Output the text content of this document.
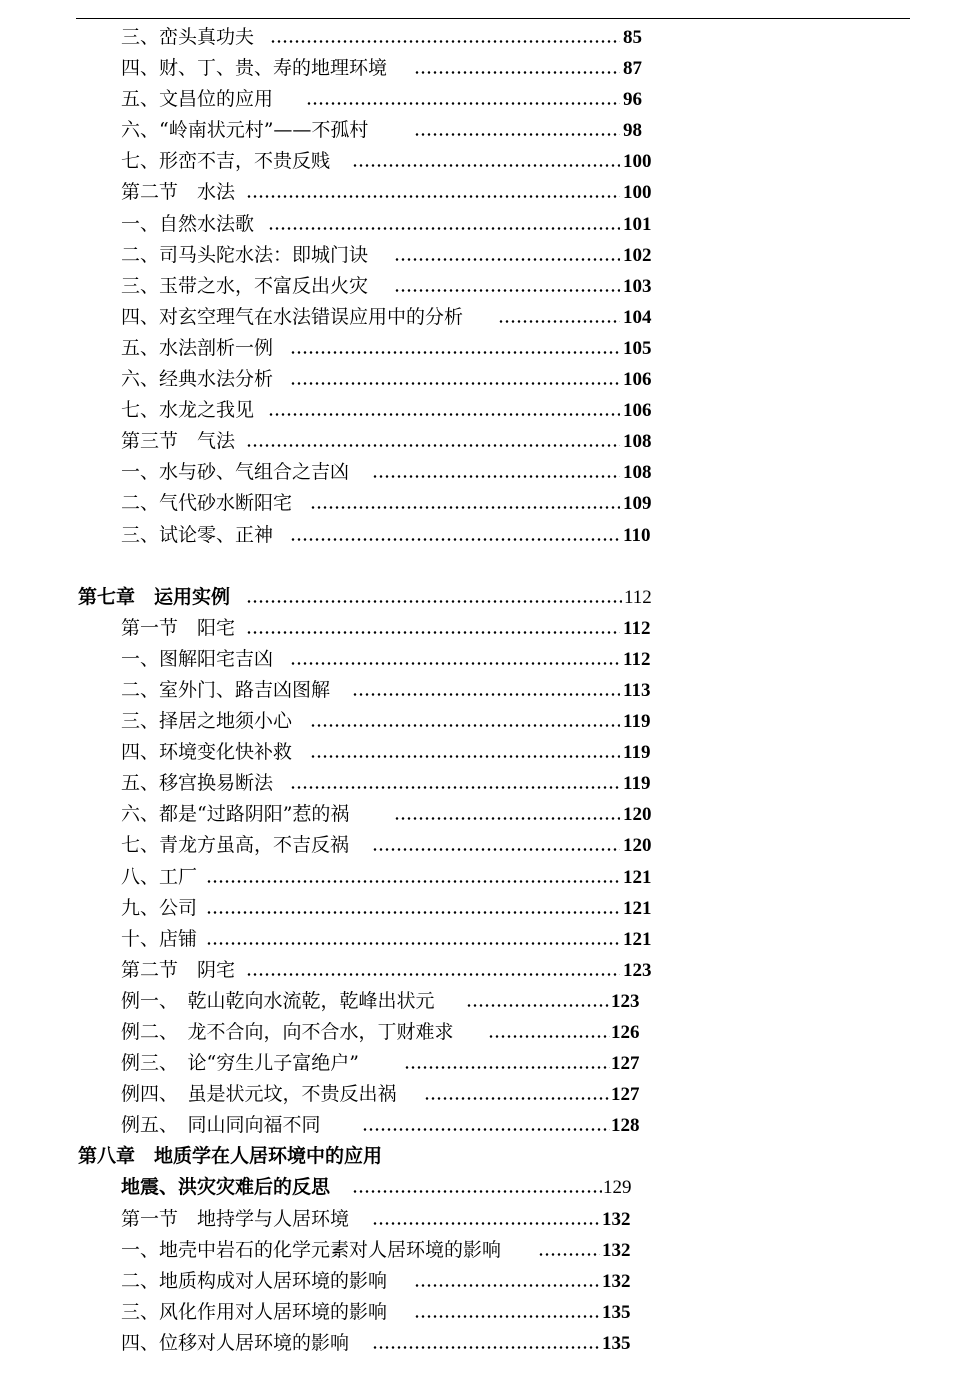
三、峦头真功夫	85
四、财、丁、贵、寿的地理环境	87
五、文昌位的应用	96
六、“岭南状元村”——不孤村	98
七、形峦不吉，不贵反贱	100
第二节　水法	100
一、自然水法歌	101
二、司马头陀水法：即城门诀	102
三、玉带之水，不富反出火灾	103
四、对玄空理气在水法错误应用中的分析	104
五、水法剖析一例	105
六、经典水法分析	106
七、水龙之我见	106
第三节　气法	108
一、水与砂、气组合之吉凶	108
二、气代砂水断阳宅	109
三、试论零、正神	110
第七章　运用实例	112
第一节　阳宅	112
一、图解阳宅吉凶	112
二、室外门、路吉凶图解	113
三、择居之地须小心	119
四、环境变化快补救	119
五、移宫换易断法	119
六、都是“过路阴阳”惹的祸	120
七、青龙方虽高，不吉反祸	120
八、工厂	121
九、公司	121
十、店铺	121
第二节　阴宅	123
例一、　乾山乾向水流乾，乾峰出状元	123
例二、　龙不合向，向不合水，丁财难求	126
例三、　论“穷生儿子富绝户”	127
例四、　虽是状元坟，不贵反出祸	127
例五、　同山同向福不同	128
第八章　地质学在人居环境中的应用
地震、洪灾灾难后的反思	129
第一节　地持学与人居环境	132
一、地壳中岩石的化学元素对人居环境的影响	132
二、地质构成对人居环境的影响	132
三、风化作用对人居环境的影响	135
四、位移对人居环境的影响	135
